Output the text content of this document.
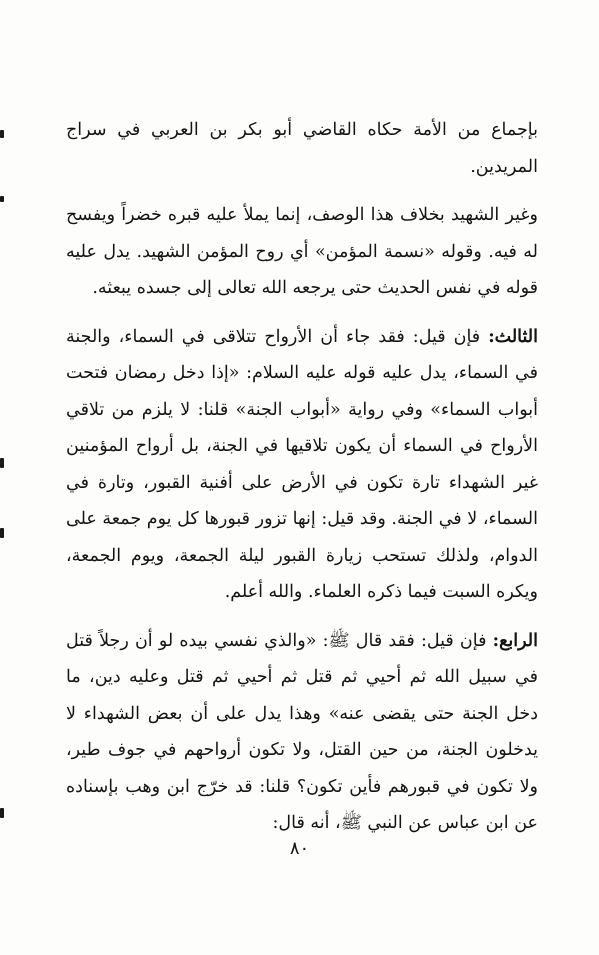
بإجماع من الأمة حكاه القاضي أبو بكر بن العربي في سراج المريدين.

وغير الشهيد بخلاف هذا الوصف، إنما يملأ عليه قبره خضراً ويفسح له فيه. وقوله «نسمة المؤمن» أي روح المؤمن الشهيد. يدل عليه قوله في نفس الحديث حتى يرجعه الله تعالى إلى جسده يبعثه.

الثالث: فإن قيل: فقد جاء أن الأرواح تتلاقى في السماء، والجنة في السماء، يدل عليه قوله عليه السلام: «إذا دخل رمضان فتحت أبواب السماء» وفي رواية «أبواب الجنة» قلنا: لا يلزم من تلاقي الأرواح في السماء أن يكون تلاقيها في الجنة، بل أرواح المؤمنين غير الشهداء تارة تكون في الأرض على أفنية القبور، وتارة في السماء، لا في الجنة. وقد قيل: إنها تزور قبورها كل يوم جمعة على الدوام، ولذلك تستحب زيارة القبور ليلة الجمعة، ويوم الجمعة، ويكره السبت فيما ذكره العلماء. والله أعلم.

الرابع: فإن قيل: فقد قال ﷺ: «والذي نفسي بيده لو أن رجلاً قتل في سبيل الله ثم أحيي ثم قتل ثم أحيي ثم قتل وعليه دين، ما دخل الجنة حتى يقضى عنه» وهذا يدل على أن بعض الشهداء لا يدخلون الجنة، من حين القتل، ولا تكون أرواحهم في جوف طير، ولا تكون في قبورهم فأين تكون؟ قلنا: قد خرّج ابن وهب بإسناده عن ابن عباس عن النبي ﷺ، أنه قال:

٨٠
